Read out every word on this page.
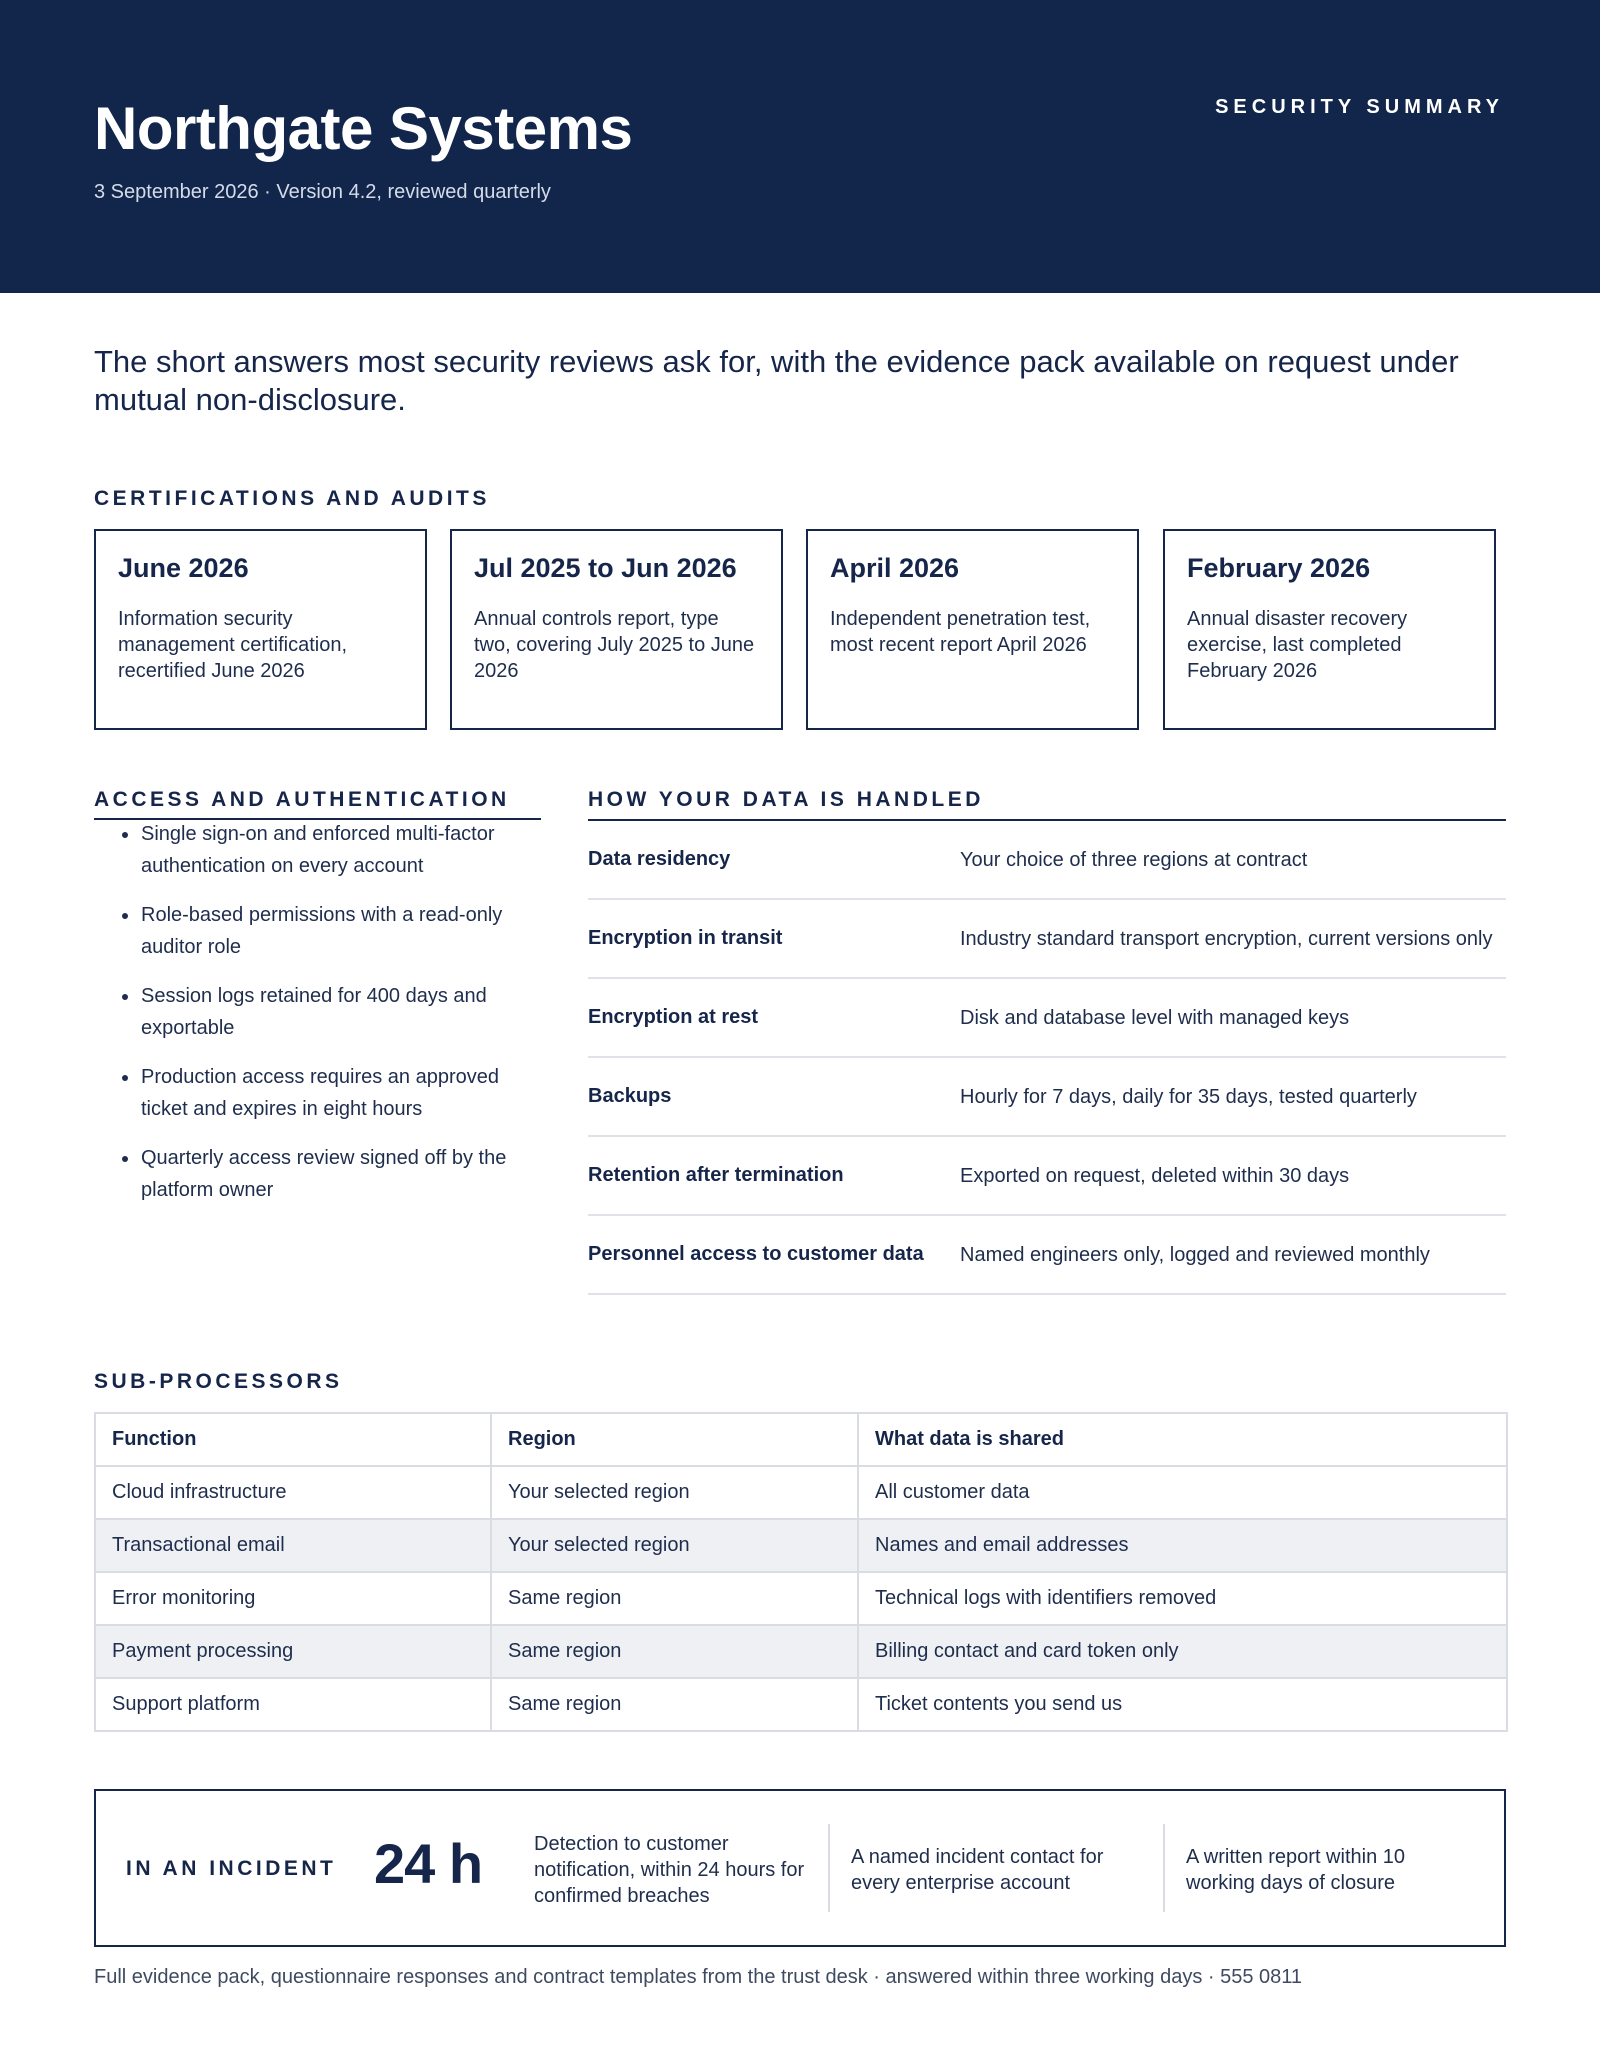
Northgate Systems
3 September 2026 · Version 4.2, reviewed quarterly
SECURITY SUMMARY

The short answers most security reviews ask for, with the evidence pack available on request under mutual non-disclosure.

CERTIFICATIONS AND AUDITS
June 2026
Information security management certification, recertified June 2026
Jul 2025 to Jun 2026
Annual controls report, type two, covering July 2025 to June 2026
April 2026
Independent penetration test, most recent report April 2026
February 2026
Annual disaster recovery exercise, last completed February 2026
ACCESS AND AUTHENTICATION
Single sign-on and enforced multi-factor authentication on every account
Role-based permissions with a read-only auditor role
Session logs retained for 400 days and exportable
Production access requires an approved ticket and expires in eight hours
Quarterly access review signed off by the platform owner
HOW YOUR DATA IS HANDLED
Data residency	Your choice of three regions at contract
Encryption in transit	Industry standard transport encryption, current versions only
Encryption at rest	Disk and database level with managed keys
Backups	Hourly for 7 days, daily for 35 days, tested quarterly
Retention after termination	Exported on request, deleted within 30 days
Personnel access to customer data	Named engineers only, logged and reviewed monthly
SUB-PROCESSORS
Function	Region	What data is shared
Cloud infrastructure	Your selected region	All customer data
Transactional email	Your selected region	Names and email addresses
Error monitoring	Same region	Technical logs with identifiers removed
Payment processing	Same region	Billing contact and card token only
Support platform	Same region	Ticket contents you send us
IN AN INCIDENT 24 h	Detection to customer notification, within 24 hours for confirmed breaches
A named incident contact for every enterprise account
A written report within 10 working days of closure
Full evidence pack, questionnaire responses and contract templates from the trust desk · answered within three working days · 555 0811
